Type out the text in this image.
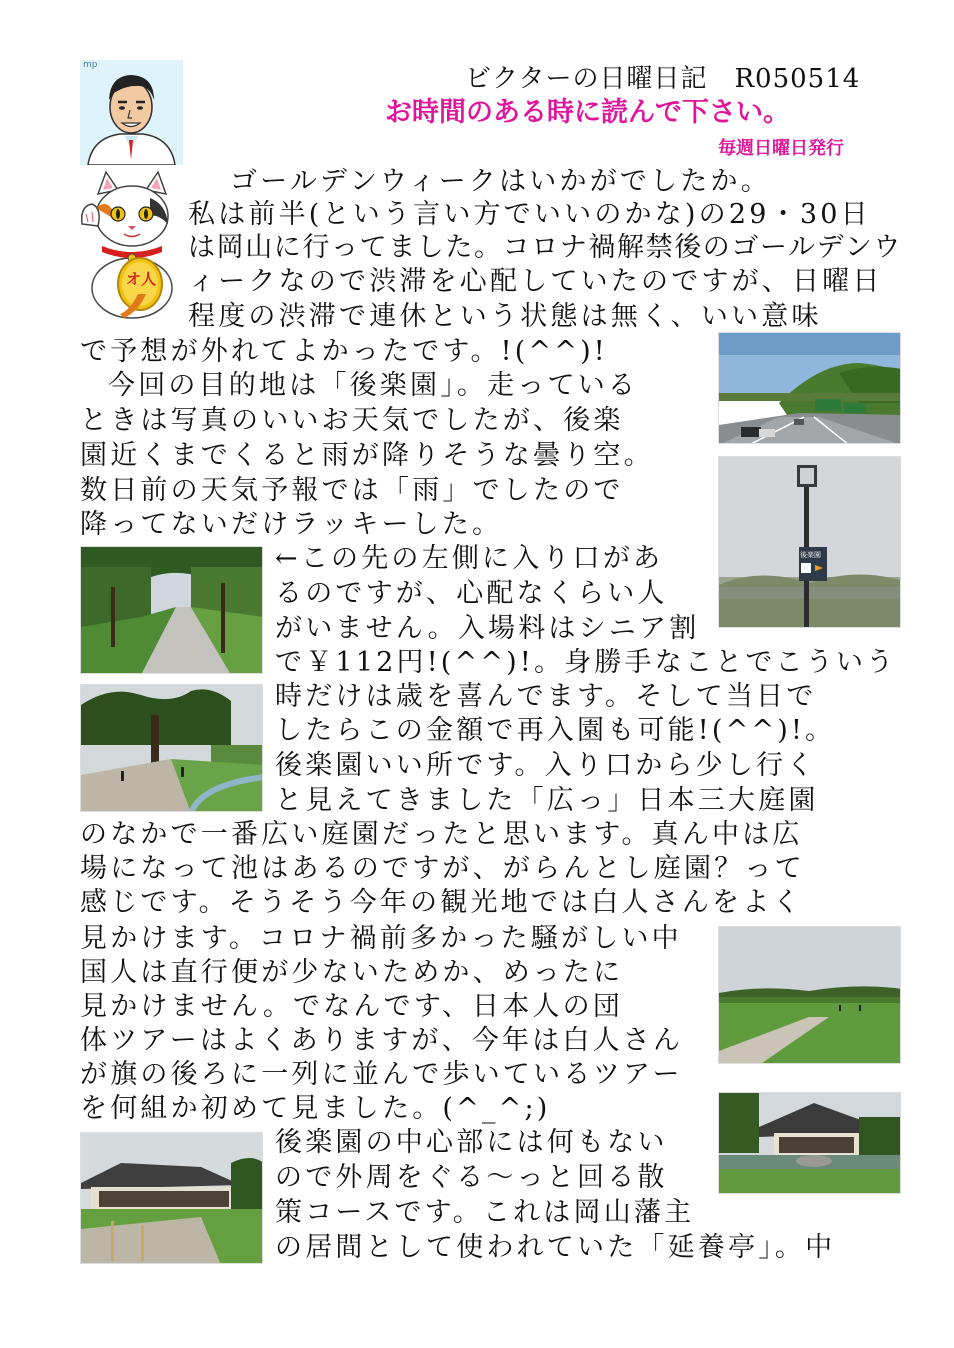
ビクターの日曜日記　R050514
お時間のある時に読んで下さい。
毎週日曜日発行
mp
オ人
後楽園
ゴールデンウィークはいかがでしたか。
私は前半(という言い方でいいのかな)の29・30日
は岡山に行ってました。コロナ禍解禁後のゴールデンウ
ィークなので渋滞を心配していたのですが、日曜日
程度の渋滞で連休という状態は無く、いい意味
で予想が外れてよかったです。!(^^)!
今回の目的地は「後楽園」。走っている
ときは写真のいいお天気でしたが、後楽
園近くまでくると雨が降りそうな曇り空。
数日前の天気予報では「雨」でしたので
降ってないだけラッキーした。
←この先の左側に入り口があ
るのですが、心配なくらい人
がいません。入場料はシニア割
で￥112円!(^^)!。身勝手なことでこういう
時だけは歳を喜んでます。そして当日で
したらこの金額で再入園も可能!(^^)!。
後楽園いい所です。入り口から少し行く
と見えてきました「広っ」日本三大庭園
のなかで一番広い庭園だったと思います。真ん中は広
場になって池はあるのですが、がらんとし庭園？って
感じです。そうそう今年の観光地では白人さんをよく
見かけます。コロナ禍前多かった騒がしい中
国人は直行便が少ないためか、めったに
見かけません。でなんです、日本人の団
体ツアーはよくありますが、今年は白人さん
が旗の後ろに一列に並んで歩いているツアー
を何組か初めて見ました。(^_^;)
後楽園の中心部には何もない
ので外周をぐる～っと回る散
策コースです。これは岡山藩主
の居間として使われていた「延養亭」。中
